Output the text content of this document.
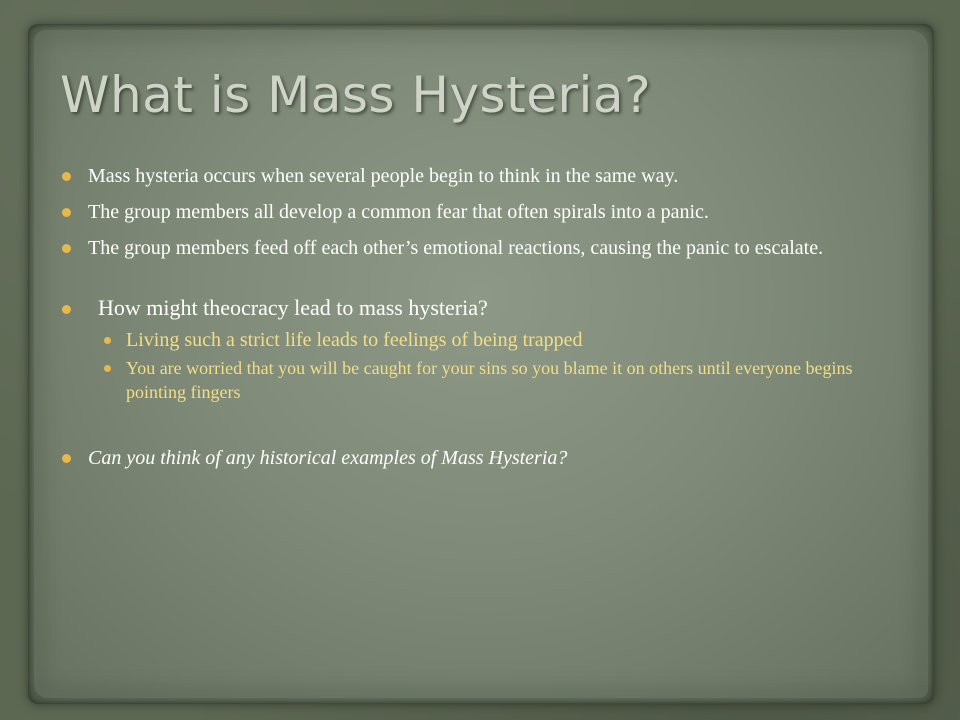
What is Mass Hysteria?
Mass hysteria occurs when several people begin to think in the same way.
The group members all develop a common fear that often spirals into a panic.
The group members feed off each other’s emotional reactions, causing the panic to escalate.
How might theocracy lead to mass hysteria?
Living such a strict life leads to feelings of being trapped
You are worried that you will be caught for your sins so you blame it on others until everyone begins pointing fingers
Can you think of any historical examples of Mass Hysteria?
